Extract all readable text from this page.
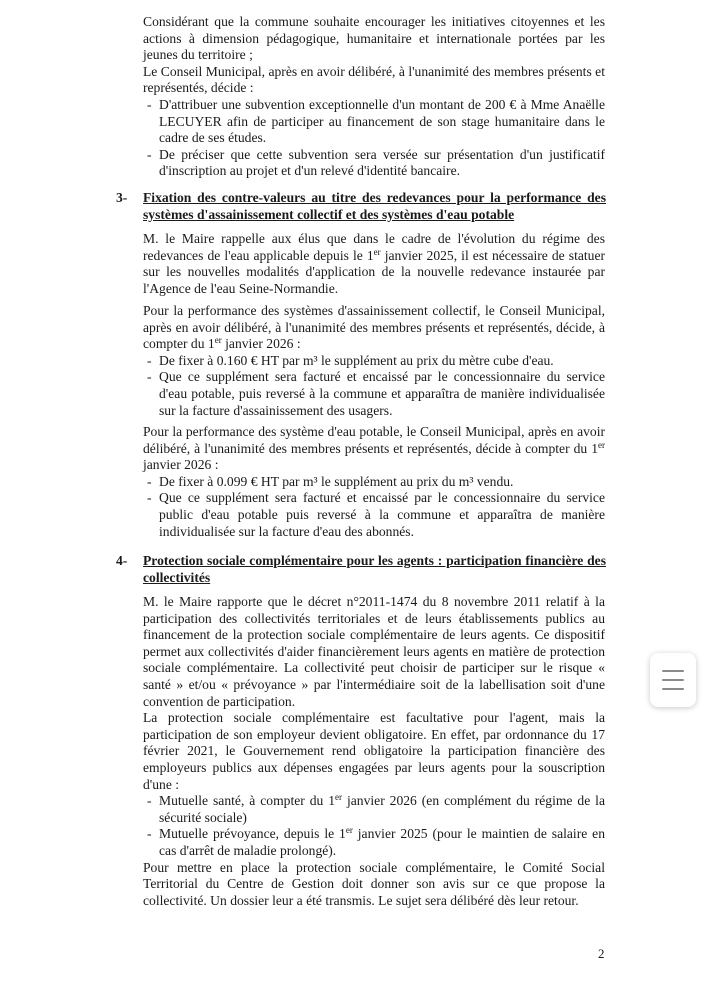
Considérant que la commune souhaite encourager les initiatives citoyennes et les actions à dimension pédagogique, humanitaire et internationale portées par les jeunes du territoire ;

Le Conseil Municipal, après en avoir délibéré, à l'unanimité des membres présents et représentés, décide :

- D'attribuer une subvention exceptionnelle d'un montant de 200 € à Mme Anaëlle LECUYER afin de participer au financement de son stage humanitaire dans le cadre de ses études.
- De préciser que cette subvention sera versée sur présentation d'un justificatif d'inscription au projet et d'un relevé d'identité bancaire.
3-	Fixation des contre-valeurs au titre des redevances pour la performance des systèmes d'assainissement collectif et des systèmes d'eau potable

M. le Maire rappelle aux élus que dans le cadre de l'évolution du régime des redevances de l'eau applicable depuis le 1er janvier 2025, il est nécessaire de statuer sur les nouvelles modalités d'application de la nouvelle redevance instaurée par l'Agence de l'eau Seine-Normandie.

Pour la performance des systèmes d'assainissement collectif, le Conseil Municipal, après en avoir délibéré, à l'unanimité des membres présents et représentés, décide, à compter du 1er janvier 2026 :

- De fixer à 0.160 € HT par m³ le supplément au prix du mètre cube d'eau.
- Que ce supplément sera facturé et encaissé par le concessionnaire du service d'eau potable, puis reversé à la commune et apparaîtra de manière individualisée sur la facture d'assainissement des usagers.

Pour la performance des système d'eau potable, le Conseil Municipal, après en avoir délibéré, à l'unanimité des membres présents et représentés, décide à compter du 1er janvier 2026 :

- De fixer à 0.099 € HT par m³ le supplément au prix du m³ vendu.
- Que ce supplément sera facturé et encaissé par le concessionnaire du service public d'eau potable puis reversé à la commune et apparaîtra de manière individualisée sur la facture d'eau des abonnés.
4-	Protection sociale complémentaire pour les agents : participation financière des collectivités

M. le Maire rapporte que le décret n°2011-1474 du 8 novembre 2011 relatif à la participation des collectivités territoriales et de leurs établissements publics au financement de la protection sociale complémentaire de leurs agents. Ce dispositif permet aux collectivités d'aider financièrement leurs agents en matière de protection sociale complémentaire. La collectivité peut choisir de participer sur le risque « santé » et/ou « prévoyance » par l'intermédiaire soit de la labellisation soit d'une convention de participation.

La protection sociale complémentaire est facultative pour l'agent, mais la participation de son employeur devient obligatoire. En effet, par ordonnance du 17 février 2021, le Gouvernement rend obligatoire la participation financière des employeurs publics aux dépenses engagées par leurs agents pour la souscription d'une :

- Mutuelle santé, à compter du 1er janvier 2026 (en complément du régime de la sécurité sociale)
- Mutuelle prévoyance, depuis le 1er janvier 2025 (pour le maintien de salaire en cas d'arrêt de maladie prolongé).

Pour mettre en place la protection sociale complémentaire, le Comité Social Territorial du Centre de Gestion doit donner son avis sur ce que propose la collectivité. Un dossier leur a été transmis. Le sujet sera délibéré dès leur retour.

2
